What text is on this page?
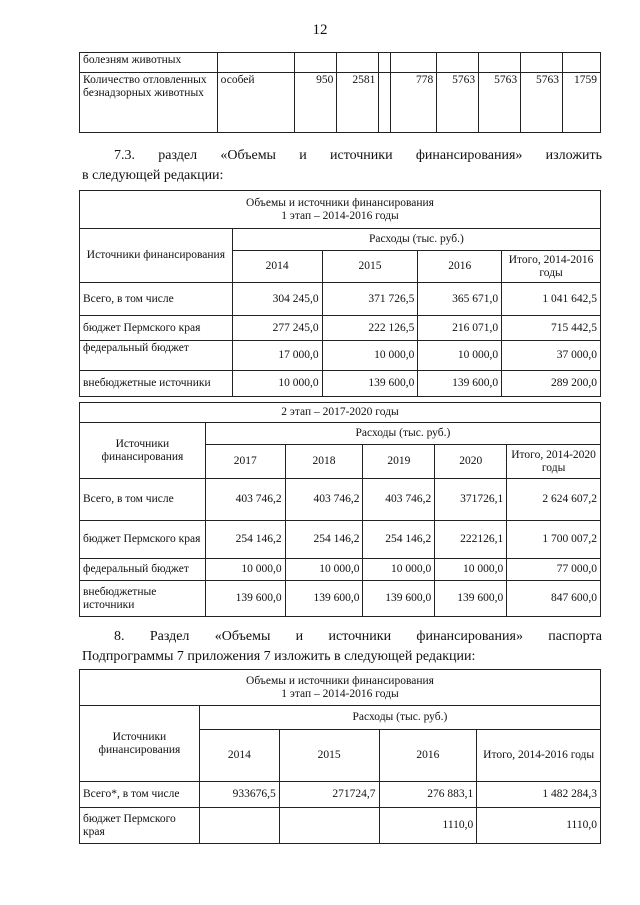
12
болезням животных									
Количество отловленных безнадзорных животных	особей	950	2581		778	5763	5763	5763	1759
7.3. раздел «Объемы и источники финансирования» изложить
в следующей редакции:
Объемы и источники финансирования
1 этап – 2014-2016 годы				

Источники финансирования	Расходы (тыс. руб.)			
	2014	2015	2016	Итого, 2014-2016 годы
Всего, в том числе	304 245,0	371 726,5	365 671,0	1 041 642,5
бюджет Пермского края	277 245,0	222 126,5	216 071,0	715 442,5
федеральный бюджет	17 000,0	10 000,0	10 000,0	37 000,0
внебюджетные источники	10 000,0	139 600,0	139 600,0	289 200,0
2 этап – 2017-2020 годы					
Источники финансирования	Расходы (тыс. руб.)				
	2017	2018	2019	2020	Итого, 2014-2020 годы
Всего, в том числе	403 746,2	403 746,2	403 746,2	371726,1	2 624 607,2
бюджет Пермского края	254 146,2	254 146,2	254 146,2	222126,1	1 700 007,2
федеральный бюджет	10 000,0	10 000,0	10 000,0	10 000,0	77 000,0
внебюджетные источники	139 600,0	139 600,0	139 600,0	139 600,0	847 600,0
8. Раздел «Объемы и источники финансирования» паспорта
Подпрограммы 7 приложения 7 изложить в следующей редакции:
Объемы и источники финансирования
1 этап – 2014-2016 годы				

Источники финансирования	Расходы (тыс. руб.)			
	2014	2015	2016	Итого, 2014-2016 годы
Всего*, в том числе	933676,5	271724,7	276 883,1	1 482 284,3
бюджет Пермского края			1110,0	1110,0
